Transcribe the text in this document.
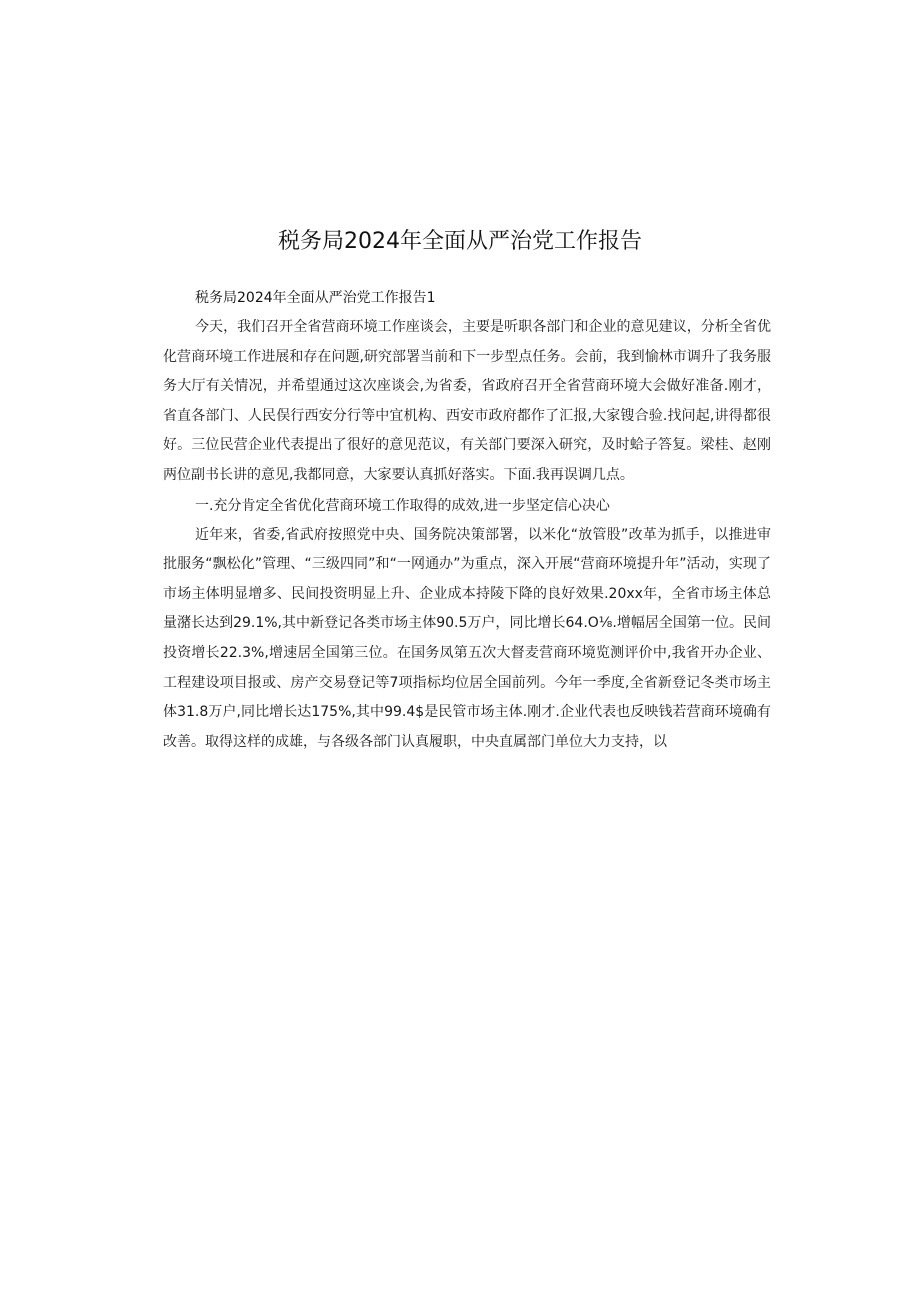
税务局2024年全面从严治党工作报告

税务局2024年全面从严治党工作报告1

今天，我们召开全省营商环境工作座谈会，主要是听职各部门和企业的意见建议，分析全省优化营商环境工作进展和存在问题,研究部署当前和下一步型点任务。会前，我到愉林市调升了我务服务大厅有关情况，并希望通过这次座谈会,为省委，省政府召开全省营商环境大会做好准备.刚才，省直各部门、人民俣行西安分行等中宜机构、西安市政府都作了汇报,大家锼合验.找问起,讲得都很好。三位民营企业代表提出了很好的意见范议，有关部门要深入研究，及时蛤子答复。梁桂、赵刚两位副书长讲的意见,我都同意，大家要认真抓好落实。下面.我再误调几点。

一.充分肯定全省优化营商环境工作取得的成效,进一步坚定信心决心

近年来，省委,省武府按照党中央、国务院决策部署，以米化“放管股”改革为抓手，以推进审批服务“飘松化”管理、“三级四同”和“一网通办”为重点，深入开展“营商环境提升年”活动，实现了市场主体明显增多、民间投资明显上升、企业成本持陵下降的良好效果.20xx年，全省市场主体总量潴长达到29.1%,其中新登记各类市场主体90.5万户，同比增长64.O⅛.增幅居全国第一位。民间投资增长22.3%,增速居全国第三位。在国务凤第五次大督麦营商环境览测评价中,我省开办企业、工程建设项目报或、房产交易登记等7项指标均位居全国前列。今年一季度,全省新登记冬类市场主体31.8万户,同比增长达175%,其中99.4$是民管市场主体.刚才.企业代表也反映钱若营商环境确有改善。取得这样的成雄，与各级各部门认真履职，中央直属部门单位大力支持，以
